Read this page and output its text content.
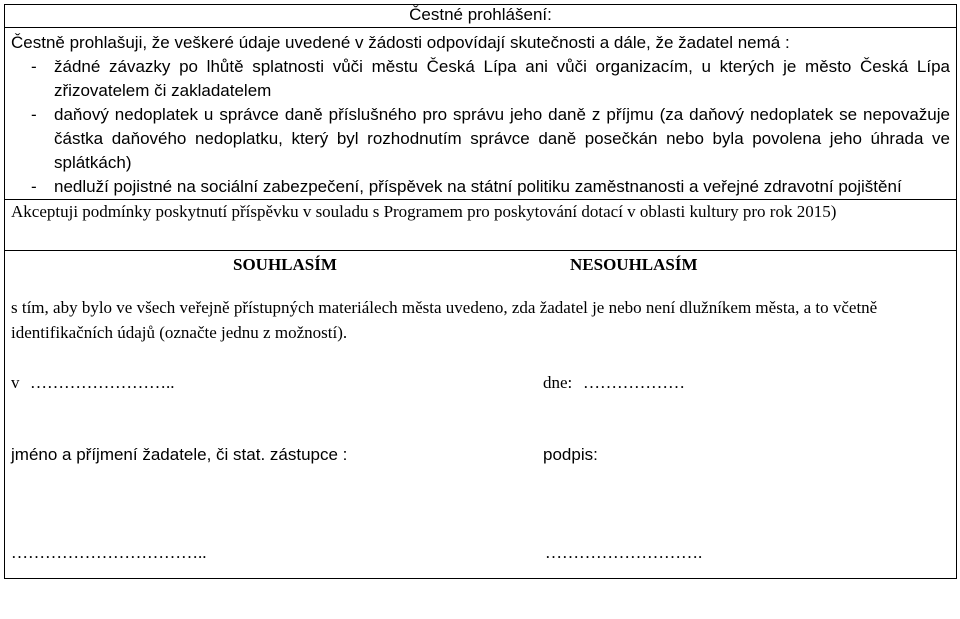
Čestné prohlášení:

Čestně prohlašuji, že veškeré údaje uvedené v žádosti odpovídají skutečnosti a dále, že žadatel nemá :
- žádné závazky po lhůtě splatnosti vůči městu Česká Lípa ani vůči organizacím, u kterých je město Česká Lípa zřizovatelem či zakladatelem
- daňový nedoplatek u správce daně příslušného pro správu jeho daně z příjmu (za daňový nedoplatek se nepovažuje částka daňového nedoplatku, který byl rozhodnutím správce daně posečkán nebo byla povolena jeho úhrada ve splátkách)
- nedluží pojistné na sociální zabezpečení, příspěvek na státní politiku zaměstnanosti a veřejné zdravotní pojištění

Akceptuji podmínky poskytnutí příspěvku v souladu s Programem pro poskytování dotací v oblasti kultury pro rok 2015)

SOUHLASÍM	NESOUHLASÍM
s tím, aby bylo ve všech veřejně přístupných materiálech města uvedeno, zda žadatel je nebo není dlužníkem města, a to včetně identifikačních údajů (označte jednu z možností).
v ……………………..	dne: ………………
jméno a příjmení žadatele, či stat. zástupce :	podpis:
……………………………..	……………………….
